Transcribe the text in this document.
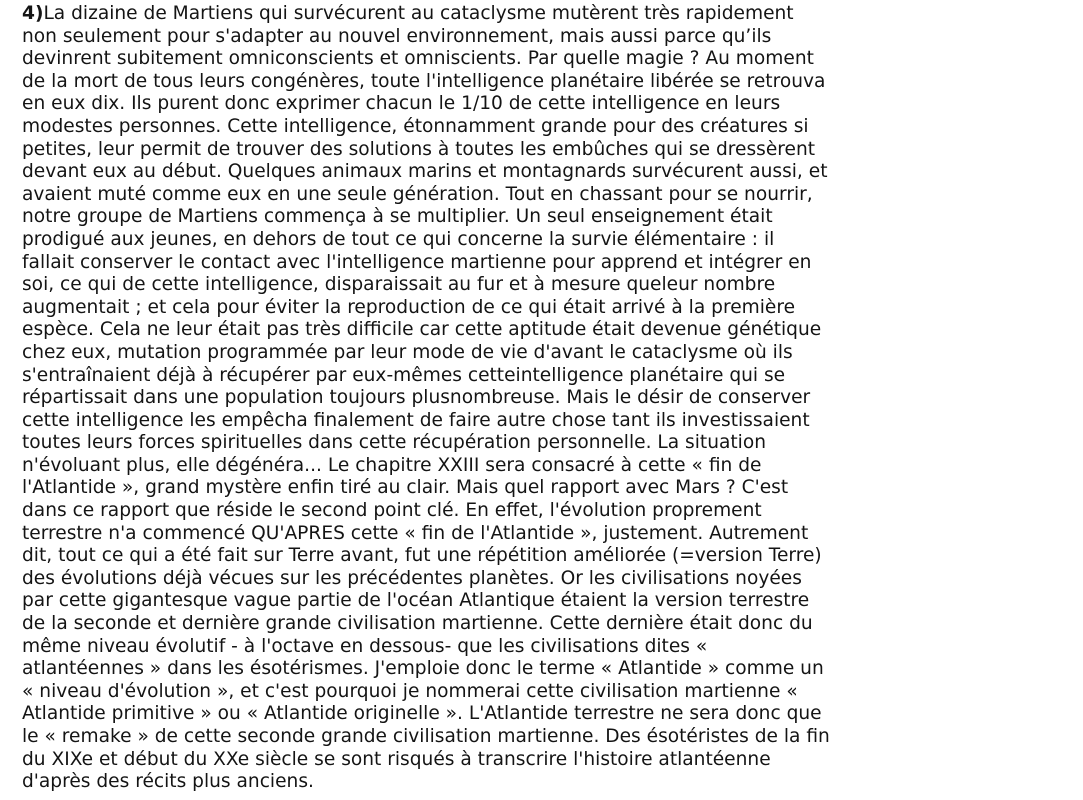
4)La dizaine de Martiens qui survécurent au cataclysme mutèrent très rapidement
non seulement pour s'adapter au nouvel environnement, mais aussi parce qu’ils
devinrent subitement omniconscients et omniscients. Par quelle magie ? Au moment
de la mort de tous leurs congénères, toute l'intelligence planétaire libérée se retrouva
en eux dix. Ils purent donc exprimer chacun le 1/10 de cette intelligence en leurs
modestes personnes. Cette intelligence, étonnamment grande pour des créatures si
petites, leur permit de trouver des solutions à toutes les embûches qui se dressèrent
devant eux au début. Quelques animaux marins et montagnards survécurent aussi, et
avaient muté comme eux en une seule génération. Tout en chassant pour se nourrir,
notre groupe de Martiens commença à se multiplier. Un seul enseignement était
prodigué aux jeunes, en dehors de tout ce qui concerne la survie élémentaire : il
fallait conserver le contact avec l'intelligence martienne pour apprend et intégrer en
soi, ce qui de cette intelligence, disparaissait au fur et à mesure queleur nombre
augmentait ; et cela pour éviter la reproduction de ce qui était arrivé à la première
espèce. Cela ne leur était pas très difficile car cette aptitude était devenue génétique
chez eux, mutation programmée par leur mode de vie d'avant le cataclysme où ils
s'entraînaient déjà à récupérer par eux-mêmes cetteintelligence planétaire qui se
répartissait dans une population toujours plusnombreuse. Mais le désir de conserver
cette intelligence les empêcha finalement de faire autre chose tant ils investissaient
toutes leurs forces spirituelles dans cette récupération personnelle. La situation
n'évoluant plus, elle dégénéra... Le chapitre XXIII sera consacré à cette « fin de
l'Atlantide », grand mystère enfin tiré au clair. Mais quel rapport avec Mars ? C'est
dans ce rapport que réside le second point clé. En effet, l'évolution proprement
terrestre n'a commencé QU'APRES cette « fin de l'Atlantide », justement. Autrement
dit, tout ce qui a été fait sur Terre avant, fut une répétition améliorée (=version Terre)
des évolutions déjà vécues sur les précédentes planètes. Or les civilisations noyées
par cette gigantesque vague partie de l'océan Atlantique étaient la version terrestre
de la seconde et dernière grande civilisation martienne. Cette dernière était donc du
même niveau évolutif - à l'octave en dessous- que les civilisations dites «
atlantéennes » dans les ésotérismes. J'emploie donc le terme « Atlantide » comme un
« niveau d'évolution », et c'est pourquoi je nommerai cette civilisation martienne «
Atlantide primitive » ou « Atlantide originelle ». L'Atlantide terrestre ne sera donc que
le « remake » de cette seconde grande civilisation martienne. Des ésotéristes de la fin
du XIXe et début du XXe siècle se sont risqués à transcrire l'histoire atlantéenne
d'après des récits plus anciens.
